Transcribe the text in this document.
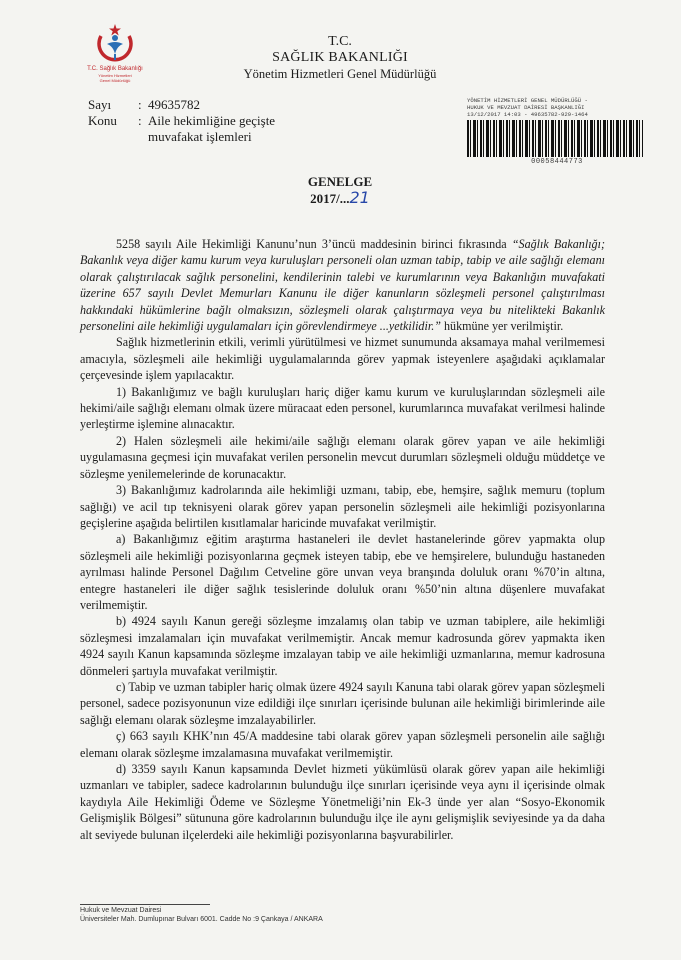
T.C. Sağlık Bakanlığı
Yönetim Hizmetleri
Genel Müdürlüğü
T.C.
SAĞLIK BAKANLIĞI
Yönetim Hizmetleri Genel Müdürlüğü
Sayı	: 49635782
Konu	: Aile hekimliğine geçişte
muvafakat işlemleri
YÖNETİM HİZMETLERİ GENEL MÜDÜRLÜĞÜ -
HUKUK VE MEVZUAT DAİRESİ BAŞKANLIĞI
13/12/2017 14:03 - 49635782-929-1464
00058444773
GENELGE
2017/...21

5258 sayılı Aile Hekimliği Kanunu’nun 3’üncü maddesinin birinci fıkrasında “Sağlık Bakanlığı; Bakanlık veya diğer kamu kurum veya kuruluşları personeli olan uzman tabip, tabip ve aile sağlığı elemanı olarak çalıştırılacak sağlık personelini, kendilerinin talebi ve kurumlarının veya Bakanlığın muvafakati üzerine 657 sayılı Devlet Memurları Kanunu ile diğer kanunların sözleşmeli personel çalıştırılması hakkındaki hükümlerine bağlı olmaksızın, sözleşmeli olarak çalıştırmaya veya bu nitelikteki Bakanlık personelini aile hekimliği uygulamaları için görevlendirmeye ...yetkilidir.” hükmüne yer verilmiştir.

Sağlık hizmetlerinin etkili, verimli yürütülmesi ve hizmet sunumunda aksamaya mahal verilmemesi amacıyla, sözleşmeli aile hekimliği uygulamalarında görev yapmak isteyenlere aşağıdaki açıklamalar çerçevesinde işlem yapılacaktır.

1) Bakanlığımız ve bağlı kuruluşları hariç diğer kamu kurum ve kuruluşlarından sözleşmeli aile hekimi/aile sağlığı elemanı olmak üzere müracaat eden personel, kurumlarınca muvafakat verilmesi halinde yerleştirme işlemine alınacaktır.

2) Halen sözleşmeli aile hekimi/aile sağlığı elemanı olarak görev yapan ve aile hekimliği uygulamasına geçmesi için muvafakat verilen personelin mevcut durumları sözleşmeli olduğu müddetçe ve sözleşme yenilemelerinde de korunacaktır.

3) Bakanlığımız kadrolarında aile hekimliği uzmanı, tabip, ebe, hemşire, sağlık memuru (toplum sağlığı) ve acil tıp teknisyeni olarak görev yapan personelin sözleşmeli aile hekimliği pozisyonlarına geçişlerine aşağıda belirtilen kısıtlamalar haricinde muvafakat verilmiştir.

a) Bakanlığımız eğitim araştırma hastaneleri ile devlet hastanelerinde görev yapmakta olup sözleşmeli aile hekimliği pozisyonlarına geçmek isteyen tabip, ebe ve hemşirelere, bulunduğu hastaneden ayrılması halinde Personel Dağılım Cetveline göre unvan veya branşında doluluk oranı %70’in altına, entegre hastaneleri ile diğer sağlık tesislerinde doluluk oranı %50’nin altına düşenlere muvafakat verilmemiştir.

b) 4924 sayılı Kanun gereği sözleşme imzalamış olan tabip ve uzman tabiplere, aile hekimliği sözleşmesi imzalamaları için muvafakat verilmemiştir. Ancak memur kadrosunda görev yapmakta iken 4924 sayılı Kanun kapsamında sözleşme imzalayan tabip ve aile hekimliği uzmanlarına, memur kadrosuna dönmeleri şartıyla muvafakat verilmiştir.

c) Tabip ve uzman tabipler hariç olmak üzere 4924 sayılı Kanuna tabi olarak görev yapan sözleşmeli personel, sadece pozisyonunun vize edildiği ilçe sınırları içerisinde bulunan aile hekimliği birimlerinde aile sağlığı elemanı olarak sözleşme imzalayabilirler.

ç) 663 sayılı KHK’nın 45/A maddesine tabi olarak görev yapan sözleşmeli personelin aile sağlığı elemanı olarak sözleşme imzalamasına muvafakat verilmemiştir.

d) 3359 sayılı Kanun kapsamında Devlet hizmeti yükümlüsü olarak görev yapan aile hekimliği uzmanları ve tabipler, sadece kadrolarının bulunduğu ilçe sınırları içerisinde veya aynı il içerisinde olmak kaydıyla Aile Hekimliği Ödeme ve Sözleşme Yönetmeliği’nin Ek-3 ünde yer alan “Sosyo-Ekonomik Gelişmişlik Bölgesi” sütununa göre kadrolarının bulunduğu ilçe ile aynı gelişmişlik seviyesinde ya da daha alt seviyede bulunan ilçelerdeki aile hekimliği pozisyonlarına başvurabilirler.

Hukuk ve Mevzuat Dairesi
Üniversiteler Mah. Dumlupınar Bulvarı 6001. Cadde No :9 Çankaya / ANKARA
